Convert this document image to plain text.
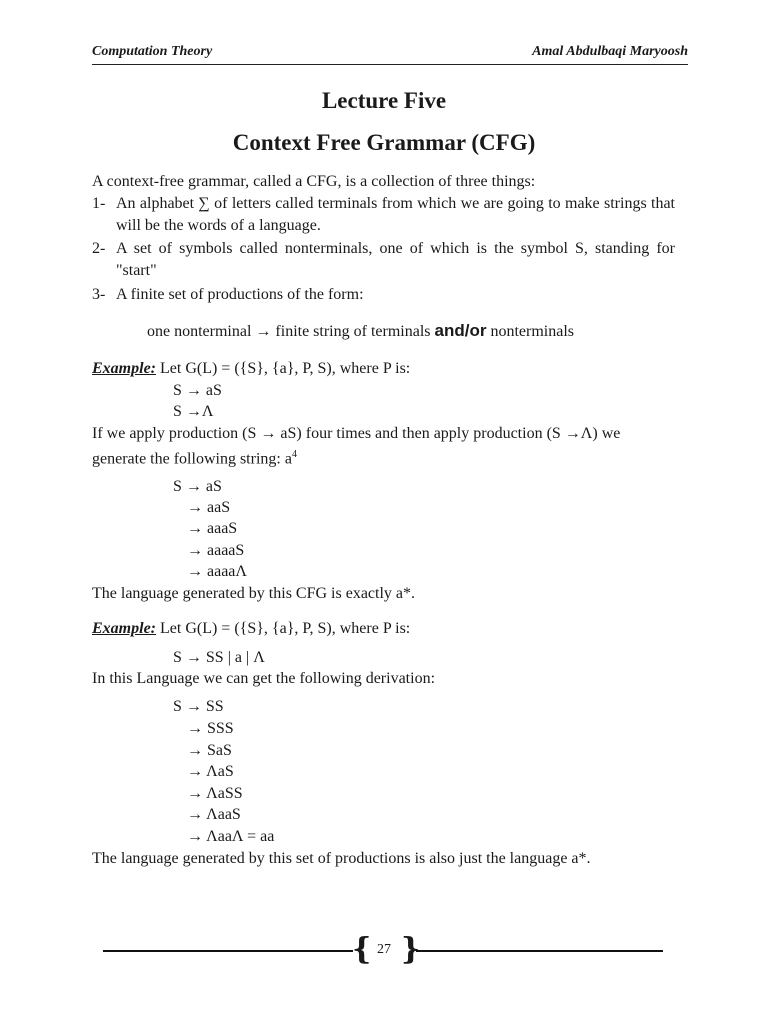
Computation Theory	Amal Abdulbaqi Maryoosh
Lecture Five
Context Free Grammar (CFG)
A context-free grammar, called a CFG, is a collection of three things:
1- An alphabet ∑ of letters called terminals from which we are going to make strings that will be the words of a language.
2- A set of symbols called nonterminals, one of which is the symbol S, standing for "start"
3- A finite set of productions of the form:
one nonterminal → finite string of terminals and/or nonterminals
Example: Let G(L) = ({S}, {a}, P, S), where P is:
S → aS
S →Λ
If we apply production (S → aS) four times and then apply production (S →Λ) we
generate the following string: $a^4$
S → aS
→ aaS
→ aaaS
→ aaaaS
→ aaaaΛ
The language generated by this CFG is exactly a*.
Example: Let G(L) = ({S}, {a}, P, S), where P is:
S → SS | a | Λ
In this Language we can get the following derivation:
S → SS
→ SSS
→ SaS
→ ΛaS
→ ΛaSS
→ ΛaaS
→ ΛaaΛ = aa
The language generated by this set of productions is also just the language a*.
{ 27 }
